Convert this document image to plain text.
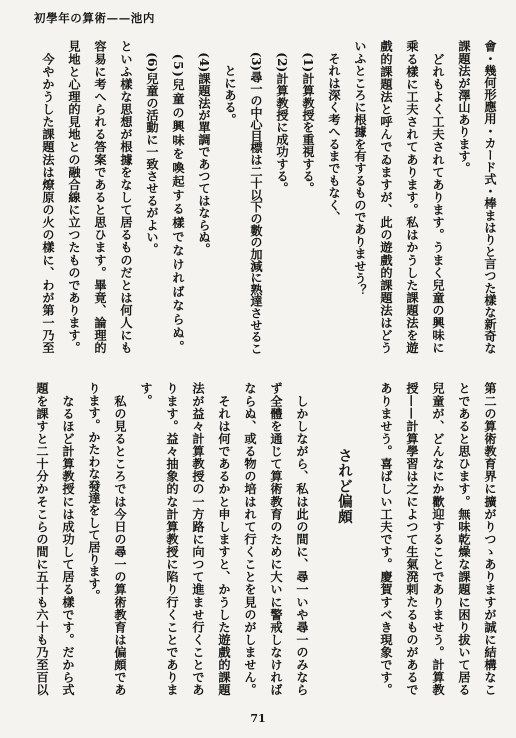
初學年の算術——池内
會・幾何形應用・カード式・棒まはりと言つた樣な新奇な
課題法が澤山あります。
　どれもよく工夫されてあります。うまく兒童の興味に
乘る樣に工夫されてあります。私はかうした課題法を遊
戲的課題法と呼んでゐますが、此の遊戲的課題法はどう
いふところに根據を有するものでありませう？
　それは深く考へるまでもなく、
　(1)計算教授を重視する。
　(2)計算教授に成功する。
　(3)尋一の中心目標は二十以下の數の加減に熟達させるこ
　　とにある。
　(4)課題法が單調であつてはならぬ。
　(5)兒童の興味を喚起する樣でなければならぬ。
　(6)兒童の活動に一致させるがよい。
といふ樣な思想が根據をなして居るものだとは何人にも
容易に考へられる答案であると思ひます。畢竟、論理的
見地と心理的見地との融合線に立つたものであります。
　今やかうした課題法は燎原の火の樣に、わが第一乃至
第二の算術教育界に擴がりつゝありますが誠に結構なこ
とであると思ひます。無味乾燥な課題に困り拔いて居る
兒童が、どんなにか歡迎することでありませう。計算教
授——計算學習は之によつて生氣溌剌たるものがあるで
ありませう。喜ばしい工夫です。慶賀すべき現象です。
されど偏頗
　しかしながら、私は此の間に、尋一いや尋一のみなら
ず全體を通じて算術教育のために大いに警戒しなければ
ならぬ、或る物の培はれて行くことを見のがしません。
　それは何であるかと申しますと、かうした遊戲的課題
法が益々計算教授の一方路に向つて進ませ行くことであ
ります。益々抽象的な計算教授に陷り行くことでありま
す。
　私の見るところでは今日の尋一の算術教育は偏頗であ
ります。かたわな發達をして居ります。
　なるほど計算教授には成功して居る樣です。だから式
題を課すと二十分かそこらの間に五十も六十も乃至百以
71
